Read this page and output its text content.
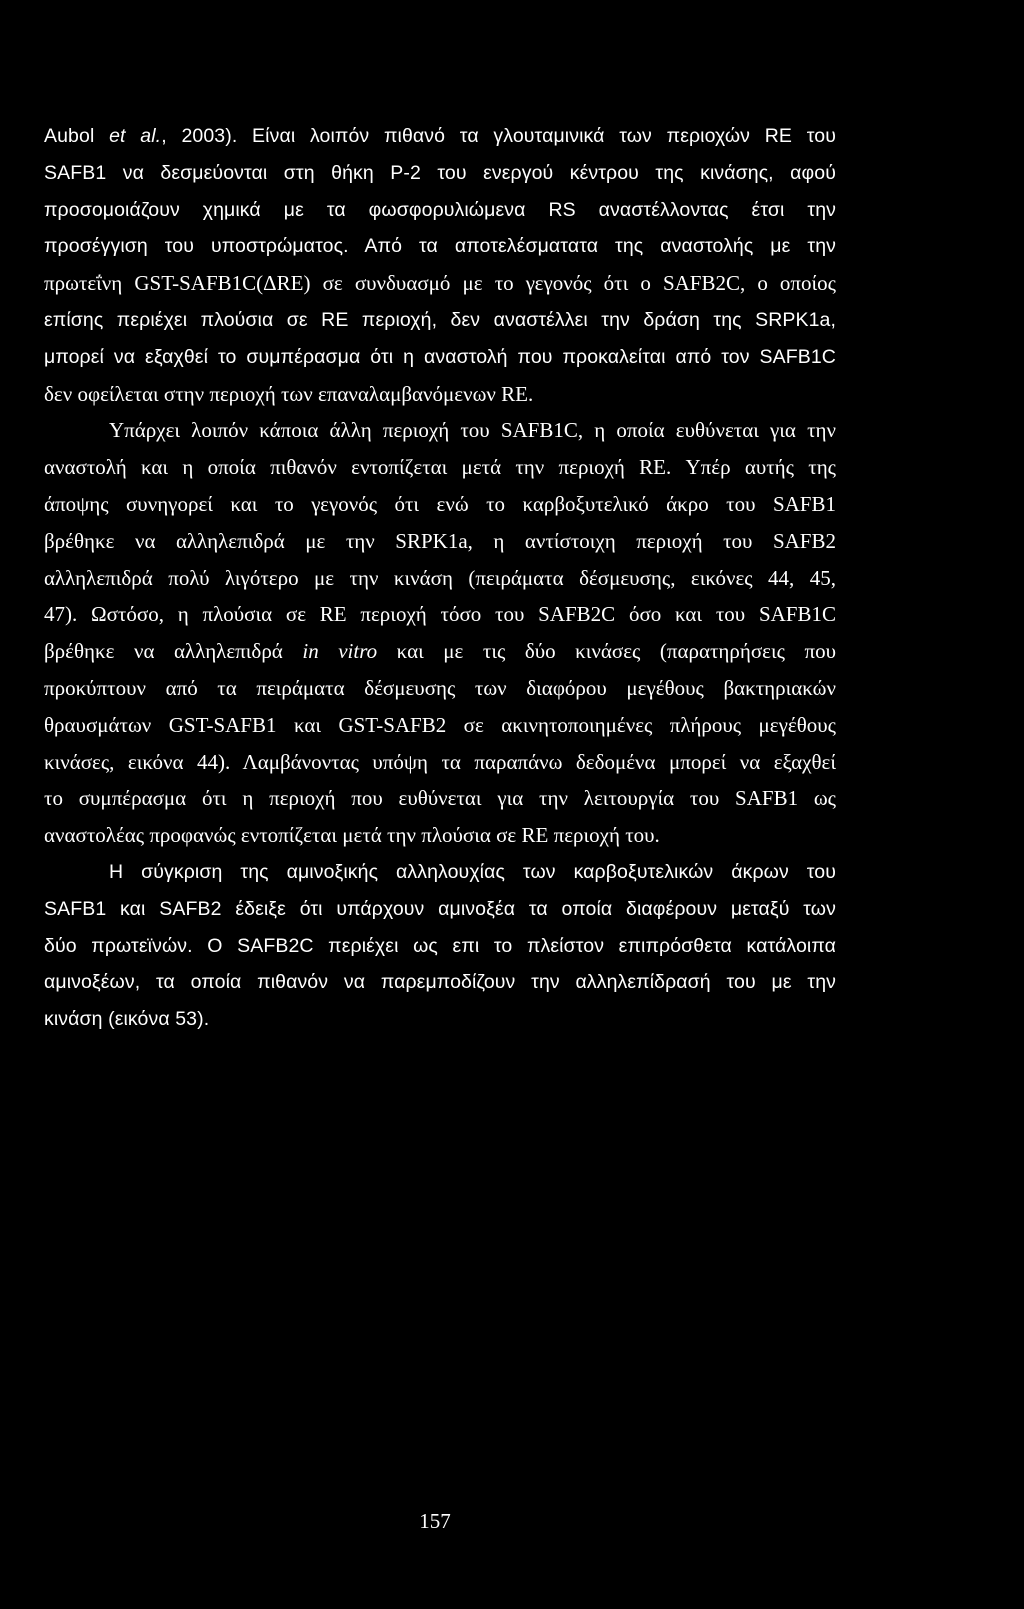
Aubol et al., 2003). Είναι λοιπόν πιθανό τα γλουταμινικά των περιοχών RE του
SAFB1 να δεσμεύονται στη θήκη P-2 του ενεργού κέντρου της κινάσης, αφού
προσομοιάζουν χημικά με τα φωσφορυλιώμενα RS αναστέλλοντας έτσι την
προσέγγιση του υποστρώματος. Από τα αποτελέσματατα της αναστολής με την
πρωτεΐνη GST-SAFB1C(ΔRE) σε συνδυασμό με το γεγονός ότι ο SAFB2C, ο οποίος
επίσης περιέχει πλούσια σε RE περιοχή, δεν αναστέλλει την δράση της SRPK1a,
μπορεί να εξαχθεί το συμπέρασμα ότι η αναστολή που προκαλείται από τον SAFB1C
δεν οφείλεται στην περιοχή των επαναλαμβανόμενων RE.
Υπάρχει λοιπόν κάποια άλλη περιοχή του SAFB1C, η οποία ευθύνεται για την
αναστολή και η οποία πιθανόν εντοπίζεται μετά την περιοχή RE. Υπέρ αυτής της
άποψης συνηγορεί και το γεγονός ότι ενώ το καρβοξυτελικό άκρο του SAFB1
βρέθηκε να αλληλεπιδρά με την SRPK1a, η αντίστοιχη περιοχή του SAFB2
αλληλεπιδρά πολύ λιγότερο με την κινάση (πειράματα δέσμευσης, εικόνες 44, 45,
47). Ωστόσο, η πλούσια σε RE περιοχή τόσο του SAFB2C όσο και του SAFB1C
βρέθηκε να αλληλεπιδρά in vitro και με τις δύο κινάσες (παρατηρήσεις που
προκύπτουν από τα πειράματα δέσμευσης των διαφόρου μεγέθους βακτηριακών
θραυσμάτων GST-SAFB1 και GST-SAFB2 σε ακινητοποιημένες πλήρους μεγέθους
κινάσες, εικόνα 44). Λαμβάνοντας υπόψη τα παραπάνω δεδομένα μπορεί να εξαχθεί
το συμπέρασμα ότι η περιοχή που ευθύνεται για την λειτουργία του SAFB1 ως
αναστολέας προφανώς εντοπίζεται μετά την πλούσια σε RE περιοχή του.
Η σύγκριση της αμινοξικής αλληλουχίας των καρβοξυτελικών άκρων του
SAFB1 και SAFB2 έδειξε ότι υπάρχουν αμινοξέα τα οποία διαφέρουν μεταξύ των
δύο πρωτεϊνών. Ο SAFB2C περιέχει ως επι το πλείστον επιπρόσθετα κατάλοιπα
αμινοξέων, τα οποία πιθανόν να παρεμποδίζουν την αλληλεπίδρασή του με την
κινάση (εικόνα 53).
157
